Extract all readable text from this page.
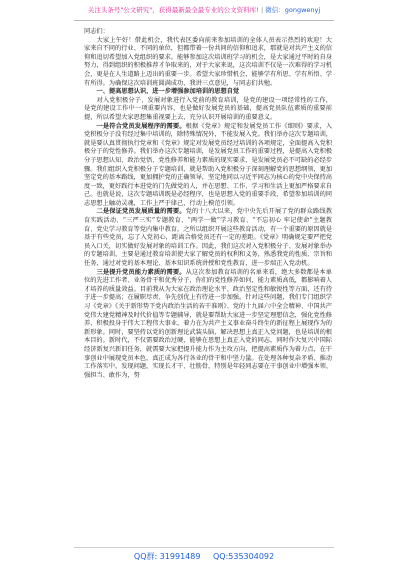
关注头条号"公文研究"，获得最新最全最专业的公文资料库! | 微信：gongwenyj

同志们：

大家上午好！借此机会，我代表区委向前来参加培训的全体人员表示热烈的欢迎！大家来自不同的行业、不同的单位，但都带着一份共同的信仰和追求，那就是对共产主义的信仰和追切希望加入党组织的要求。能够参加这次培训班学习的机会，是大家通过平时的自身努力，得到组织的积极推荐才争取来的，对于大家来说，这次培训不仅是一次难得的学习机会，更是在人生道路上迈出的重要一步。希望大家珍惜机会，能够学有所思、学有所悟、学有所得。为确保这次培训班圆满成功，我讲三点意见，与同志们共勉。

一、提高思想认识，进一步增强参加培训的思想自觉

对入党积极分子、发展对象进行入党前的教育培训，是党的建设一项经常性的工作，是党的建设工作中一项重要内容，也是做好发展党员的基础，提高党员队伍素质的重要前提，所以希望大家思想集重视要上去，充分认识开展培训的重要意义。

一是符合党员发展程序的需要。根据《党章》规定和发展党员工作《细则》要求，入党积极分子没有经过集中培训的，除特殊情况外，不能发展入党。我们举办这次专题培训，就是要认真贯彻执行党章和《党章》规定对发展党员经过培训的各项规定，全面提高入党积极分子的党性修养。我们举办这次专题培训，是发展党员工作的重要过程，是提高入党积极分子思想认知、政治觉悟、党性修养和能力素质的现实要求，是发展党员必不可缺的必经步骤。我们组织入党积极分子专题培训，就是帮助入党积极分子深刻理解党的思想纲领，更加坚定党的基本路线，更加拥护党的正确领导，坚定地同以习近平同志为核心的党中央保持高度一致，更好践行本进党的门先做党的人，并在思想、工作、学习和生活上更加严格要求自己。也就是说，这次专题培训既是必经程序，也是思想入党的重要手段，希望参加培训的同志思想上触动灵魂，工作上严于律己，行动上模范引领。

二是保证党员发展质量的需要。党的十八大以来，党中央先后开展了党的群众路线教育实践活动、“三严三实”专题教育、“两学一做”学习教育、“不忘初心 牢记使命”主题教育、党史学习教育等党内集中教育，之所以组织开展这些教育活动，有一个重要的原因就是基于有些党员，忘了入党初心，距离合格党员还有一定的差距。《党章》明确规定要严把党员入口关，切实做好发展对象的培训工作。因此，我们这次对入党积极分子、发展对象举办的专题培训，主要是通过教育培训使大家了解党员的权利和义务，熟悉我党的性质、宗旨和任务，通过对党的基本理论、基本知识系统讲授和党性教育，进一步端正入党动机。

三是提升党员能力素质的需要。从这次参加教育培训的名单来看，绝大多数都是本单位的先进工作者、业务骨干和优秀分子，你们的党性修养如何，能力素质高低，都影响着人才培养的质量效益。目前我从为大家在政治理论水平、政治坚定性和敏锐性等方面，还有待于进一步提高；在履职尽责、争先创优上有待进一步加强。针对这些问题，我们专门组织学习《党章》《关于新形势下党内政治生活的若干准则》、党的十九届六中全会精神、中国共产党伟大建党精神及时代价值等专题辅导，就是要帮助大家进一步坚定理想信念，强化党性修养，积极投身于伟大工程伟大事业，着力在为共产主义事业奋斗终生的新征程上展现作为的新形象。同时，要坚持以党的创新理论武装头脑，解决思想上真正入党问题，也是培训的根本目的。新时代，不仅需要政治过硬，能够在思想上真正入党的同志，同时作大复兴中国际经济新复兴新旧任务，就需要大家把提升能力作为主攻方向，把提高素质作为着力点，在干事创业中展现党员本色，真正成为各行各业的骨干和中坚力量。在处理各种复杂矛盾、推动工作落实中，发现问题，实现长才干、壮筋骨，特别是年轻同志要在干事创业中增强本领、强担当、敢作为，努

QQ群: 31991489 QQ:535304092
